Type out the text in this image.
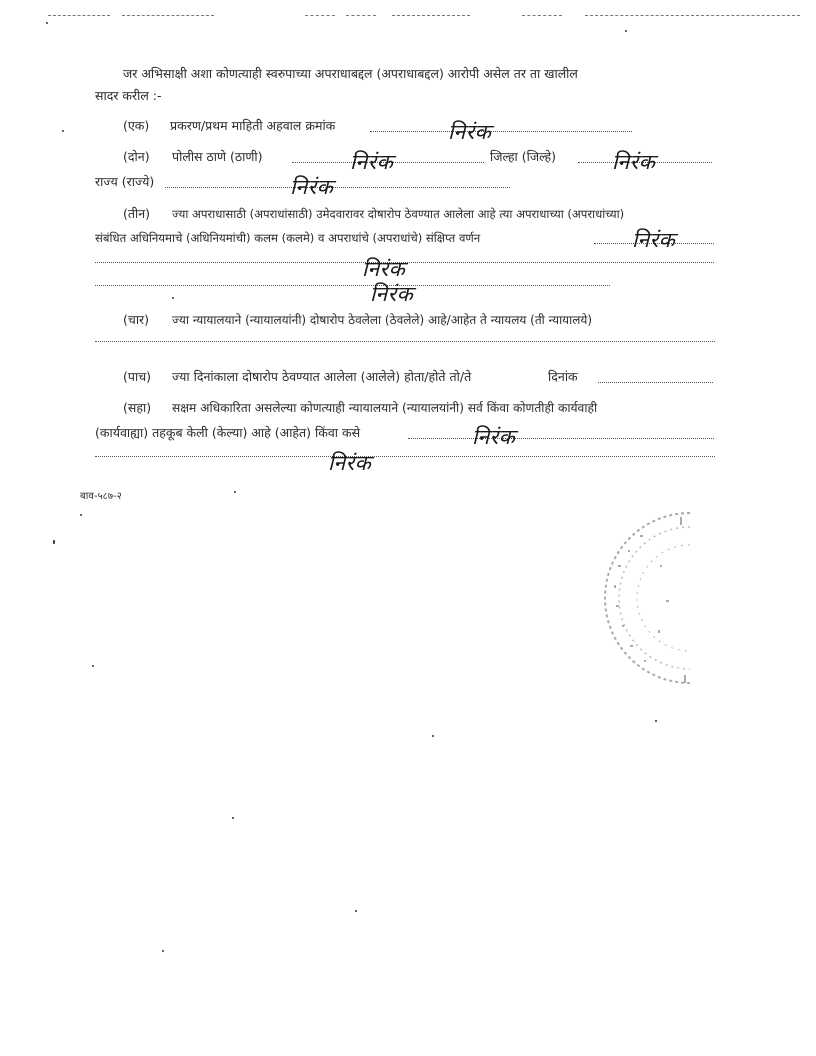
जर अभिसाक्षी अशा कोणत्याही स्वरुपाच्या अपराधाबद्दल (अपराधाबद्दल) आरोपी असेल तर ता खालील
सादर करील :-
(एक) प्रकरण/प्रथम माहिती अहवाल क्रमांक	निरंक
(दोन) पोलीस ठाणे (ठाणी)	निरंक	जिल्हा (जिल्हे)	निरंक
राज्य (राज्ये)	निरंक
(तीन) ज्या अपराधासाठी (अपराधांसाठी) उमेदवारावर दोषारोप ठेवण्यात आलेला आहे त्या अपराधाच्या (अपराधांच्या)
संबंधित अधिनियमाचे (अधिनियमांची) कलम (कलमे) व अपराधांचे (अपराधांचे) संक्षिप्त वर्णन	निरंक
निरंक
निरंक
(चार) ज्या न्यायालयाने (न्यायालयांनी) दोषारोप ठेवलेला (ठेवलेले) आहे/आहेत ते न्यायलय (ती न्यायालये)
(पाच) ज्या दिनांकाला दोषारोप ठेवण्यात आलेला (आलेले) होता/होते तो/ते	दिनांक
(सहा) सक्षम अधिकारिता असलेल्या कोणत्याही न्यायालयाने (न्यायालयांनी) सर्व किंवा कोणतीही कार्यवाही
(कार्यवाह्या) तहकूब केली (केल्या) आहे (आहेत) किंवा कसे	निरंक
निरंक
बाव-५८७-२
